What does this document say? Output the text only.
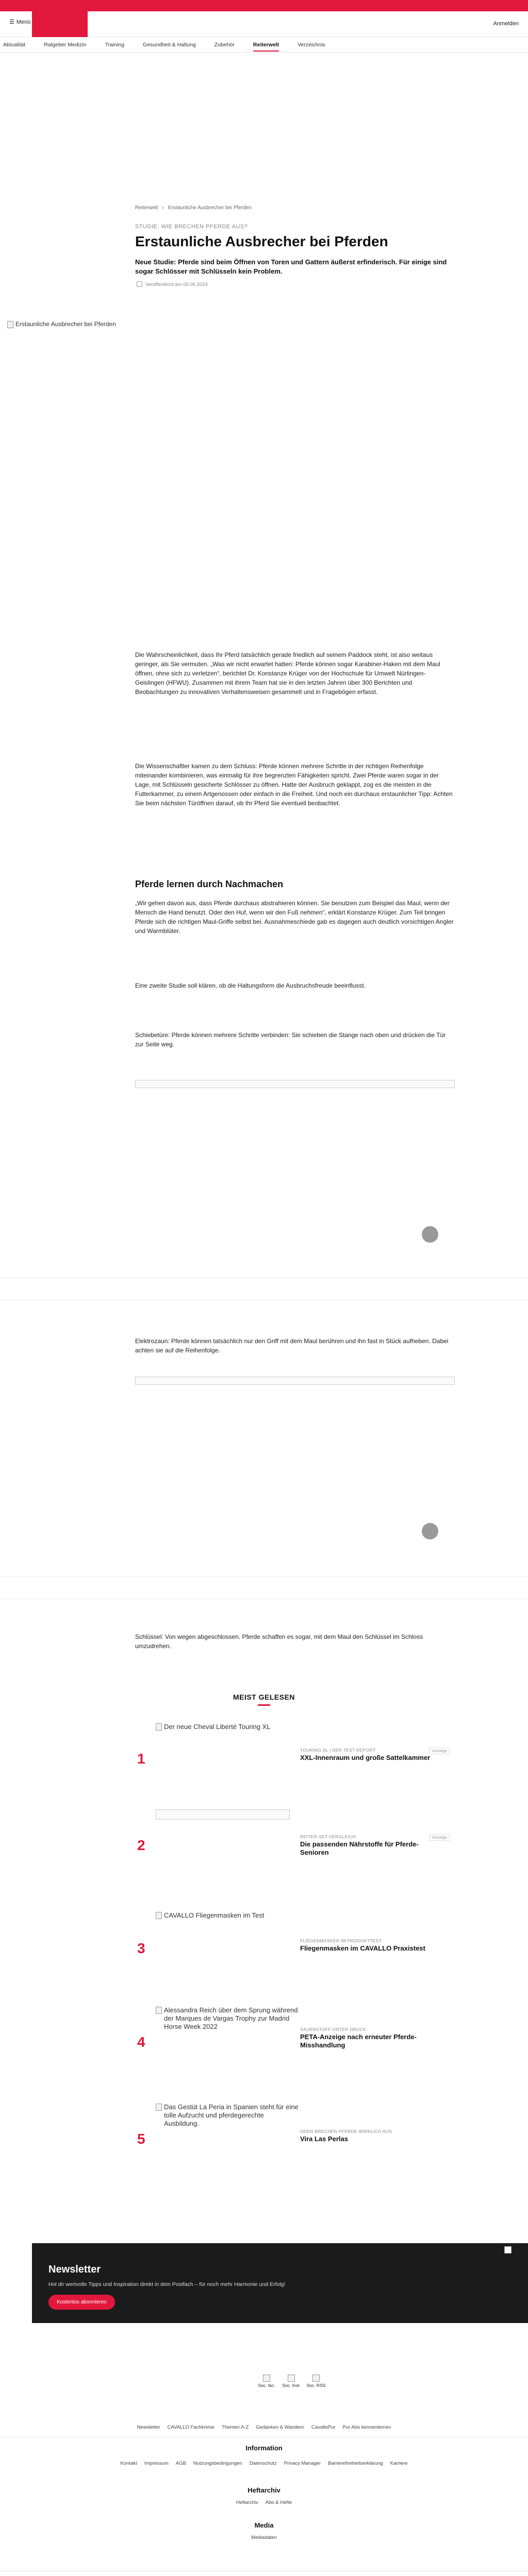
☰ Menü	Anmelden
Aktualität	Ratgeber Medizin	Training	Gesundheit & Haltung	Zubehör	Reiterwelt	Verzeichnis
Reiterwelt › Erstaunliche Ausbrecher bei Pferden
STUDIE: WIE BRECHEN PFERDE AUS?
Erstaunliche Ausbrecher bei Pferden
Neue Studie: Pferde sind beim Öffnen von Toren und Gattern äußerst erfinderisch. Für einige sind sogar Schlösser mit Schlüsseln kein Problem.
Veröffentlicht am 05.06.2024
Erstaunliche Ausbrecher bei Pferden

Die Wahrscheinlichkeit, dass Ihr Pferd tatsächlich gerade friedlich auf seinem Paddock steht, ist also weitaus geringer, als Sie vermuten. „Was wir nicht erwartet hatten: Pferde können sogar Karabiner-Haken mit dem Maul öffnen, ohne sich zu verletzen“, berichtet Dr. Konstanze Krüger von der Hochschule für Umwelt Nürtingen-Geislingen (HFWU). Zusammen mit ihrem Team hat sie in den letzten Jahren über 300 Berichten und Beobachtungen zu innovativen Verhaltensweisen gesammelt und in Fragebögen erfasst.

Die Wissenschaftler kamen zu dem Schluss: Pferde können mehrere Schritte in der richtigen Reihenfolge miteinander kombinieren, was einmalig für ihre begrenzten Fähigkeiten spricht. Zwei Pferde waren sogar in der Lage, mit Schlüsseln gesicherte Schlösser zu öffnen. Hatte der Ausbruch geklappt, zog es die meisten in die Futterkammer, zu einem Artgenossen oder einfach in die Freiheit. Und noch ein durchaus erstaunlicher Tipp: Achten Sie beim nächsten Türöffnen darauf, ob Ihr Pferd Sie eventuell beobachtet.

Pferde lernen durch Nachmachen

„Wir gehen davon aus, dass Pferde durchaus abstrahieren können. Sie benutzen zum Beispiel das Maul, wenn der Mensch die Hand benutzt. Oder den Huf, wenn wir den Fuß nehmen“, erklärt Konstanze Krüger. Zum Teil bringen Pferde sich die richtigen Maul-Griffe selbst bei. Ausnahmeschiede gab es dagegen auch deutlich vorsichtigen Angler und Warmblüter.

Eine zweite Studie soll klären, ob die Haltungsform die Ausbruchsfreude beeinflusst.

Schiebetüre: Pferde können mehrere Schritte verbinden: Sie schieben die Stange nach oben und drücken die Tür zur Seite weg.

Elektrozaun: Pferde können tatsächlich nur den Griff mit dem Maul berühren und ihn fast in Stück aufheben. Dabei achten sie auf die Reihenfolge.

Schlüssel: Von wegen abgeschlossen. Pferde schaffen es sogar, mit dem Maul den Schlüssel im Schloss umzudrehen.

MEIST GELESEN
1
Der neue Cheval Liberté Touring XL
TOURING XL | DER TEST-REPORT
XXL-Innenraum und große Sattelkammer
Anzeige
2
REITER-SET-VERGLEICH
Die passenden Nährstoffe für Pferde-Senioren
Anzeige
3
CAVALLO Fliegenmasken im Test
FLIEGENMASKEN IM PRODUKTTEST
Fliegenmasken im CAVALLO Praxistest
4
Alessandra Reich über dem Sprung während der Marques de Vargas Trophy zur Madrid Horse Week 2022	SAUERSTOFF UNTER DRUCK
PETA-Anzeige nach erneuter Pferde-Misshandlung
5
Das Gestüt La Peria in Spanien steht für eine tolle Aufzucht und pferdegerechte Ausbildung.
ODER BRECHEN PFERDE WIRKLICH AUS
Vira Las Perlas
Newsletter
Hol dir wertvolle Tipps und Inspiration direkt in dein Postfach – für noch mehr Harmonie und Erfolg!
Kostenlos abonnieren
Soc. fac. Soc. Inst. Soc. RSS
Newsletter CAVALLO Fachkreise Themen A-Z Gedanken & Wandern CavalloPur Pur Abo kennenlernen
Information
Kontakt Impressum AGB Nutzungsbedingungen Datenschutz Privacy Manager Barrierefreiheitserklärung Karriere
Heftarchiv
Heftarchiv Abo & Hefte
Media
Mediadaten
